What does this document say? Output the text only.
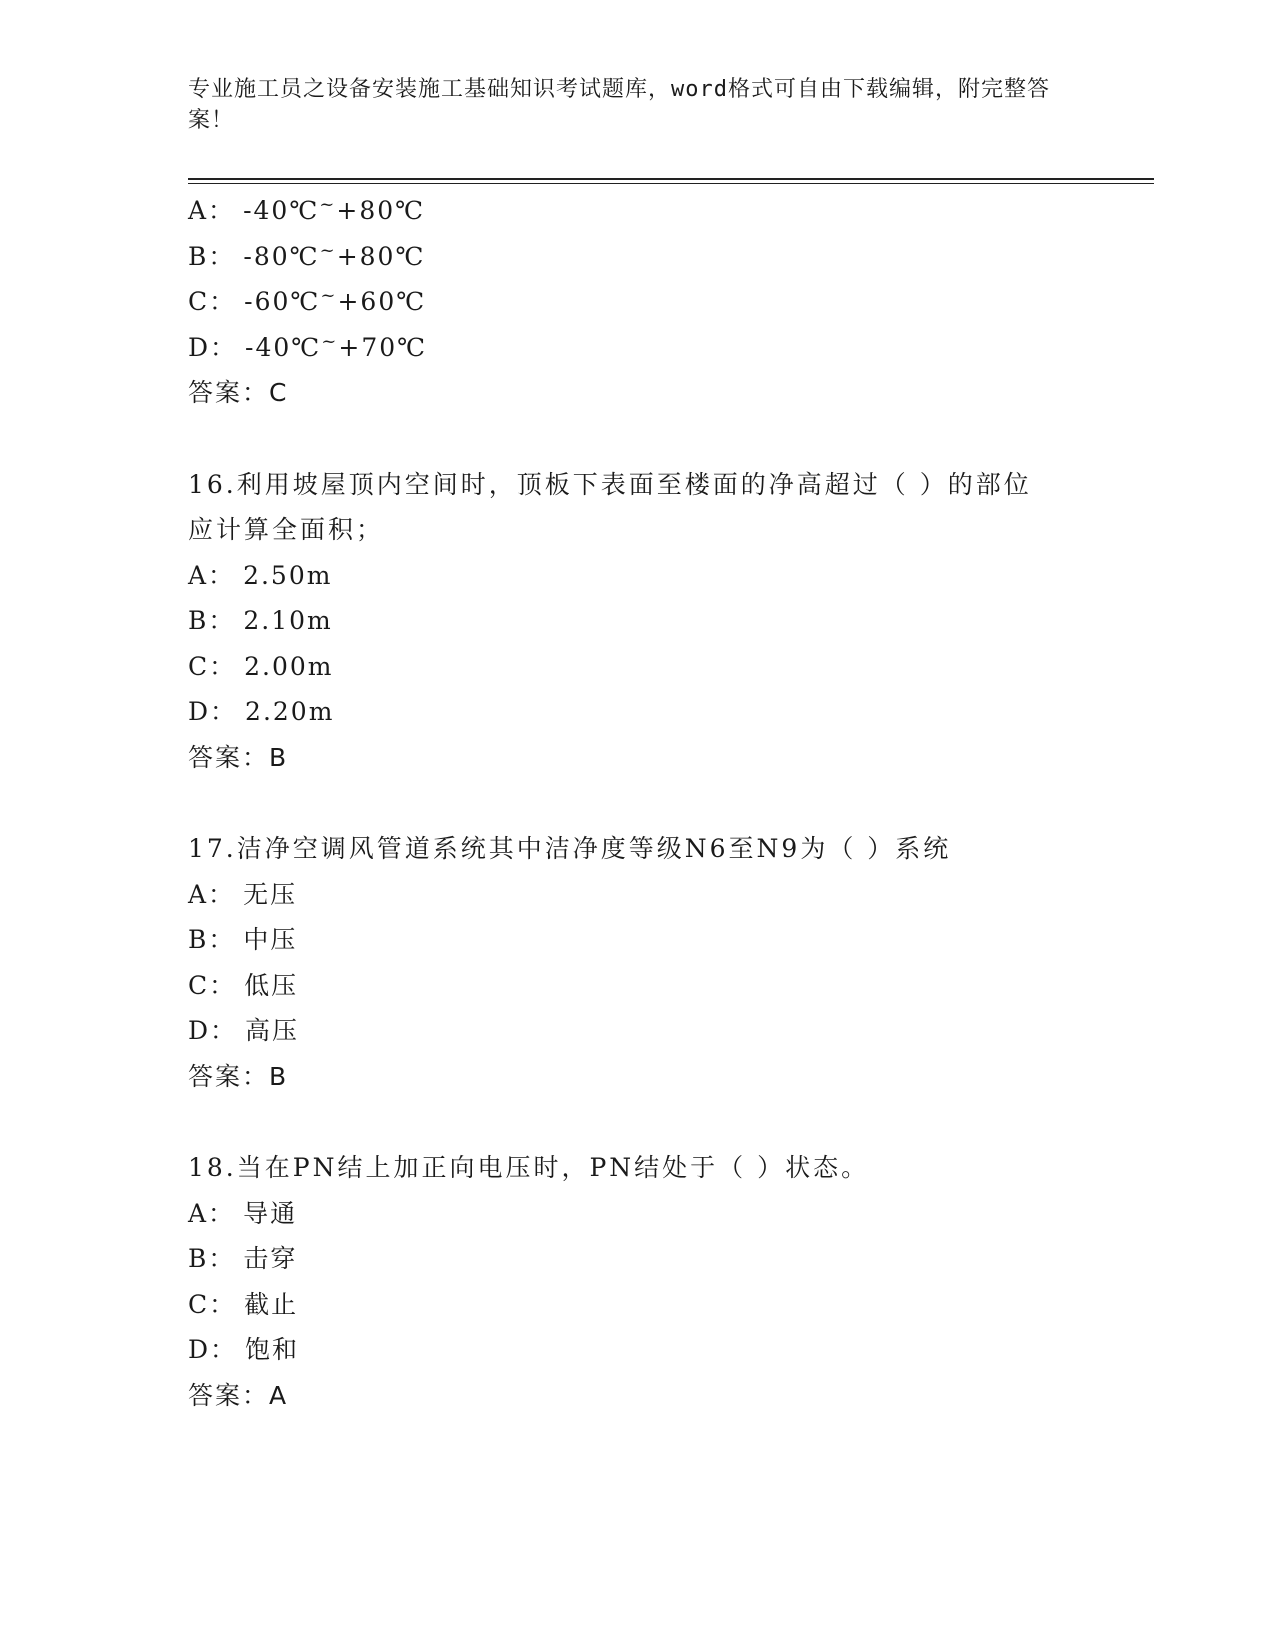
专业施工员之设备安装施工基础知识考试题库，word格式可自由下载编辑，附完整答案！
A： -40℃~+80℃
B： -80℃~+80℃
C： -60℃~+60℃
D： -40℃~+70℃
答案：C
16.利用坡屋顶内空间时，顶板下表面至楼面的净高超过（ ）的部位
应计算全面积；
A： 2.50m
B： 2.10m
C： 2.00m
D： 2.20m
答案：B
17.洁净空调风管道系统其中洁净度等级N6至N9为（ ）系统
A： 无压
B： 中压
C： 低压
D： 高压
答案：B
18.当在PN结上加正向电压时，PN结处于（ ）状态。
A： 导通
B： 击穿
C： 截止
D： 饱和
答案：A
